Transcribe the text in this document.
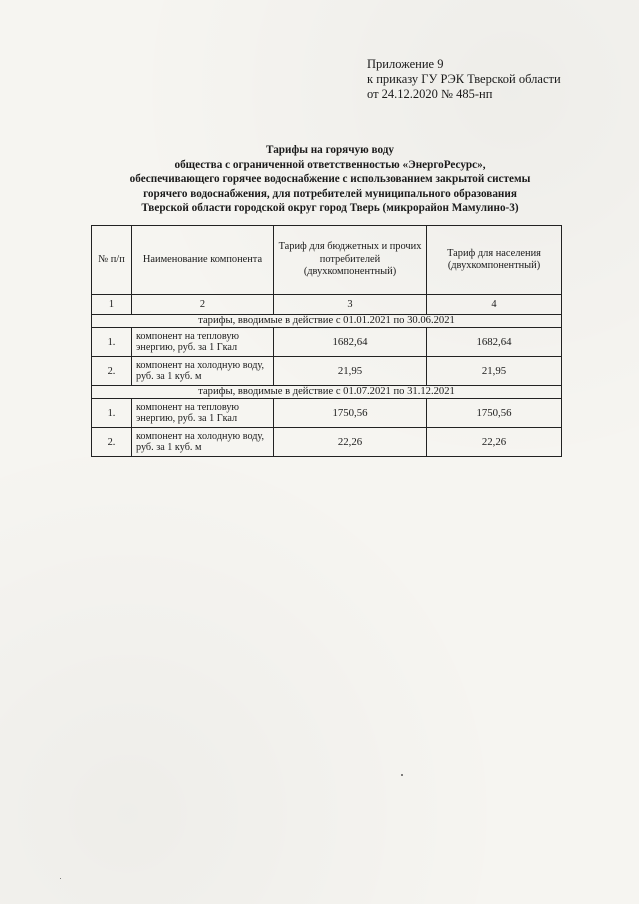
Приложение 9
к приказу ГУ РЭК Тверской области
от 24.12.2020 № 485-нп
Тарифы на горячую воду
общества с ограниченной ответственностью «ЭнергоРесурс»,
обеспечивающего горячее водоснабжение с использованием закрытой системы
горячего водоснабжения, для потребителей муниципального образования
Тверской области городской округ город Тверь (микрорайон Мамулино-3)
№ п/п	Наименование компонента	Тариф для бюджетных и прочих потребителей (двухкомпонентный)	Тариф для населения (двухкомпонентный)
1	2	3	4
тарифы, вводимые в действие с 01.01.2021 по 30.06.2021			
1.	компонент на тепловую энергию, руб. за 1 Гкал	1682,64	1682,64
2.	компонент на холодную воду, руб. за 1 куб. м	21,95	21,95
тарифы, вводимые в действие с 01.07.2021 по 31.12.2021			
1.	компонент на тепловую энергию, руб. за 1 Гкал	1750,56	1750,56
2.	компонент на холодную воду, руб. за 1 куб. м	22,26	22,26
